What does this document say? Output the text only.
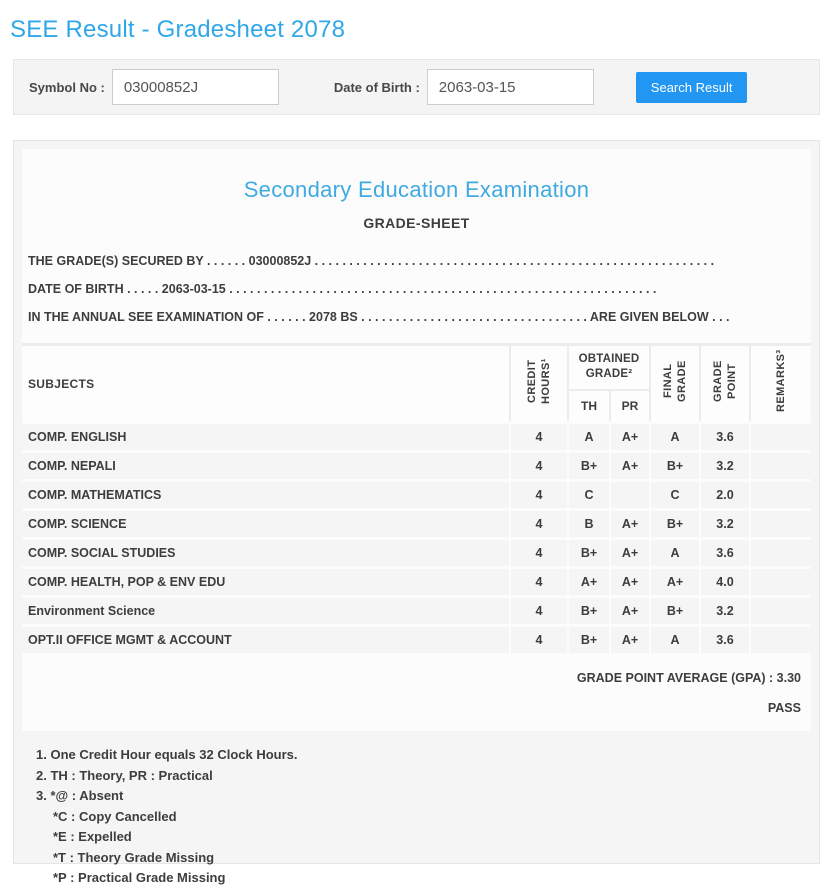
SEE Result - Gradesheet 2078
Symbol No :
03000852J	Date of Birth :
2063-03-15	Search Result
Secondary Education Examination
GRADE-SHEET

THE GRADE(S) SECURED BY . . . . . . 03000852J . . . . . . . . . . . . . . . . . . . . . . . . . . . . . . . . . . . . . . . . . . . . . . . . . . . . . . . . . .

DATE OF BIRTH . . . . . 2063-03-15 . . . . . . . . . . . . . . . . . . . . . . . . . . . . . . . . . . . . . . . . . . . . . . . . . . . . . . . . . . . . . .

IN THE ANNUAL SEE EXAMINATION OF . . . . . . 2078 BS . . . . . . . . . . . . . . . . . . . . . . . . . . . . . . . . . ARE GIVEN BELOW . . .

SUBJECTS	CREDIT HOURS¹	OBTAINED GRADE²		FINAL GRADE	GRADE POINT	REMARKS³
		TH	PR			
COMP. ENGLISH	4	A	A+	A	3.6	
COMP. NEPALI	4	B+	A+	B+	3.2	
COMP. MATHEMATICS	4	C		C	2.0	
COMP. SCIENCE	4	B	A+	B+	3.2	
COMP. SOCIAL STUDIES	4	B+	A+	A	3.6	
COMP. HEALTH, POP & ENV EDU	4	A+	A+	A+	4.0	
Environment Science	4	B+	A+	B+	3.2	
OPT.II OFFICE MGMT & ACCOUNT	4	B+	A+	A	3.6	

GRADE POINT AVERAGE (GPA) : 3.30

PASS

1. One Credit Hour equals 32 Clock Hours.

2. TH : Theory, PR : Practical

3. *@ : Absent

*C : Copy Cancelled

*E : Expelled

*T : Theory Grade Missing

*P : Practical Grade Missing
